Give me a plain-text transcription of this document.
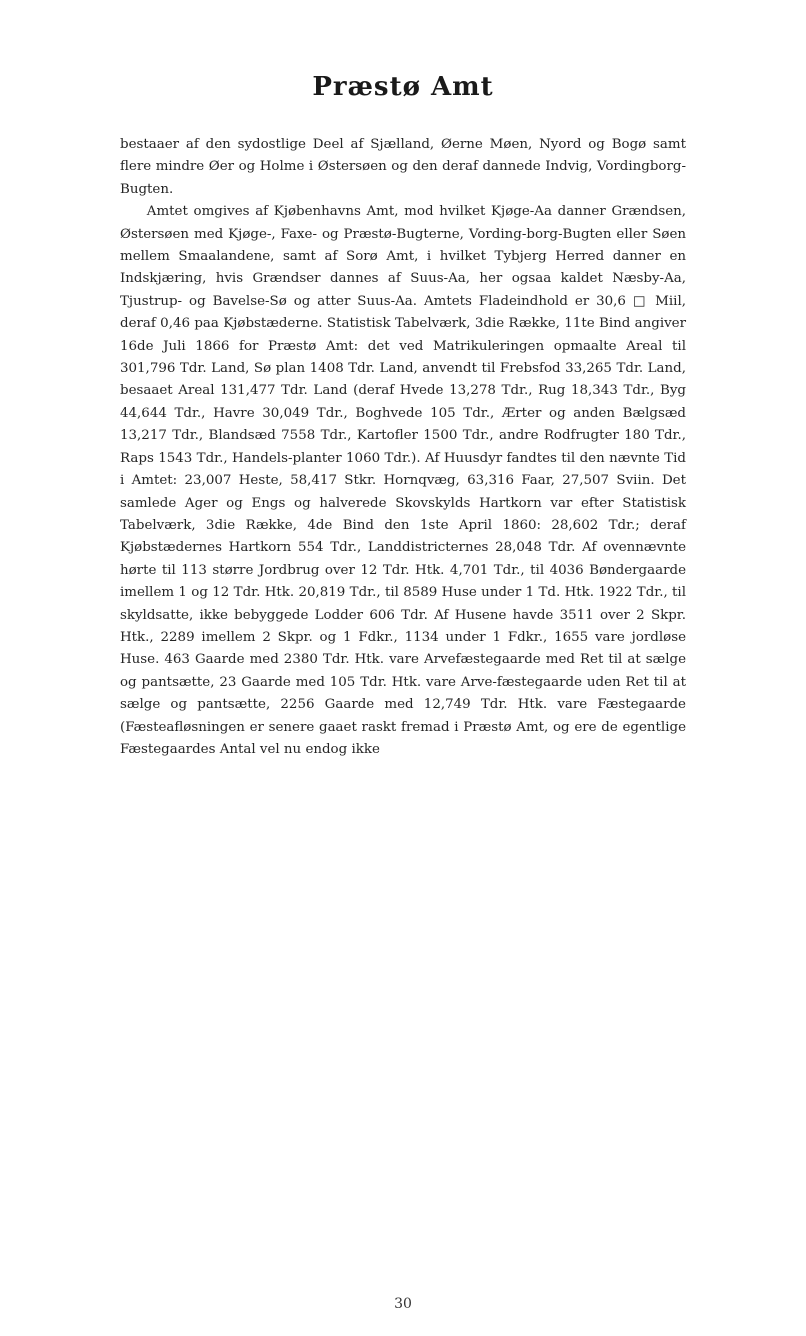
Præstø Amt

bestaaer af den sydostlige Deel af Sjælland, Øerne Møen, Nyord og Bogø samt flere mindre Øer og Holme i Østersøen og den deraf dannede Indvig, Vordingborg-Bugten.

Amtet omgives af Kjøbenhavns Amt, mod hvilket Kjøge-Aa danner Grændsen, Østersøen med Kjøge-, Faxe- og Præstø-Bugterne, Vording-borg-Bugten eller Søen mellem Smaalandene, samt af Sorø Amt, i hvilket Tybjerg Herred danner en Indskjæring, hvis Grændser dannes af Suus-Aa, her ogsaa kaldet Næsby-Aa, Tjustrup- og Bavelse-Sø og atter Suus-Aa. Amtets Fladeindhold er 30,6 □ Miil, deraf 0,46 paa Kjøbstæderne. Statistisk Tabelværk, 3die Række, 11te Bind angiver 16de Juli 1866 for Præstø Amt: det ved Matrikuleringen opmaalte Areal til 301,796 Tdr. Land, Sø plan 1408 Tdr. Land, anvendt til Frebsfod 33,265 Tdr. Land, besaaet Areal 131,477 Tdr. Land (deraf Hvede 13,278 Tdr., Rug 18,343 Tdr., Byg 44,644 Tdr., Havre 30,049 Tdr., Boghvede 105 Tdr., Ærter og anden Bælgsæd 13,217 Tdr., Blandsæd 7558 Tdr., Kartofler 1500 Tdr., andre Rodfrugter 180 Tdr., Raps 1543 Tdr., Handels-planter 1060 Tdr.). Af Huusdyr fandtes til den nævnte Tid i Amtet: 23,007 Heste, 58,417 Stkr. Hornqvæg, 63,316 Faar, 27,507 Sviin. Det samlede Ager og Engs og halverede Skovskylds Hartkorn var efter Statistisk Tabelværk, 3die Række, 4de Bind den 1ste April 1860: 28,602 Tdr.; deraf Kjøbstædernes Hartkorn 554 Tdr., Landdistricternes 28,048 Tdr. Af ovennævnte hørte til 113 større Jordbrug over 12 Tdr. Htk. 4,701 Tdr., til 4036 Bøndergaarde imellem 1 og 12 Tdr. Htk. 20,819 Tdr., til 8589 Huse under 1 Td. Htk. 1922 Tdr., til skyldsatte, ikke bebyggede Lodder 606 Tdr. Af Husene havde 3511 over 2 Skpr. Htk., 2289 imellem 2 Skpr. og 1 Fdkr., 1134 under 1 Fdkr., 1655 vare jordløse Huse. 463 Gaarde med 2380 Tdr. Htk. vare Arvefæstegaarde med Ret til at sælge og pantsætte, 23 Gaarde med 105 Tdr. Htk. vare Arve-fæstegaarde uden Ret til at sælge og pantsætte, 2256 Gaarde med 12,749 Tdr. Htk. vare Fæstegaarde (Fæsteafløsningen er senere gaaet raskt fremad i Præstø Amt, og ere de egentlige Fæstegaardes Antal vel nu endog ikke

30
